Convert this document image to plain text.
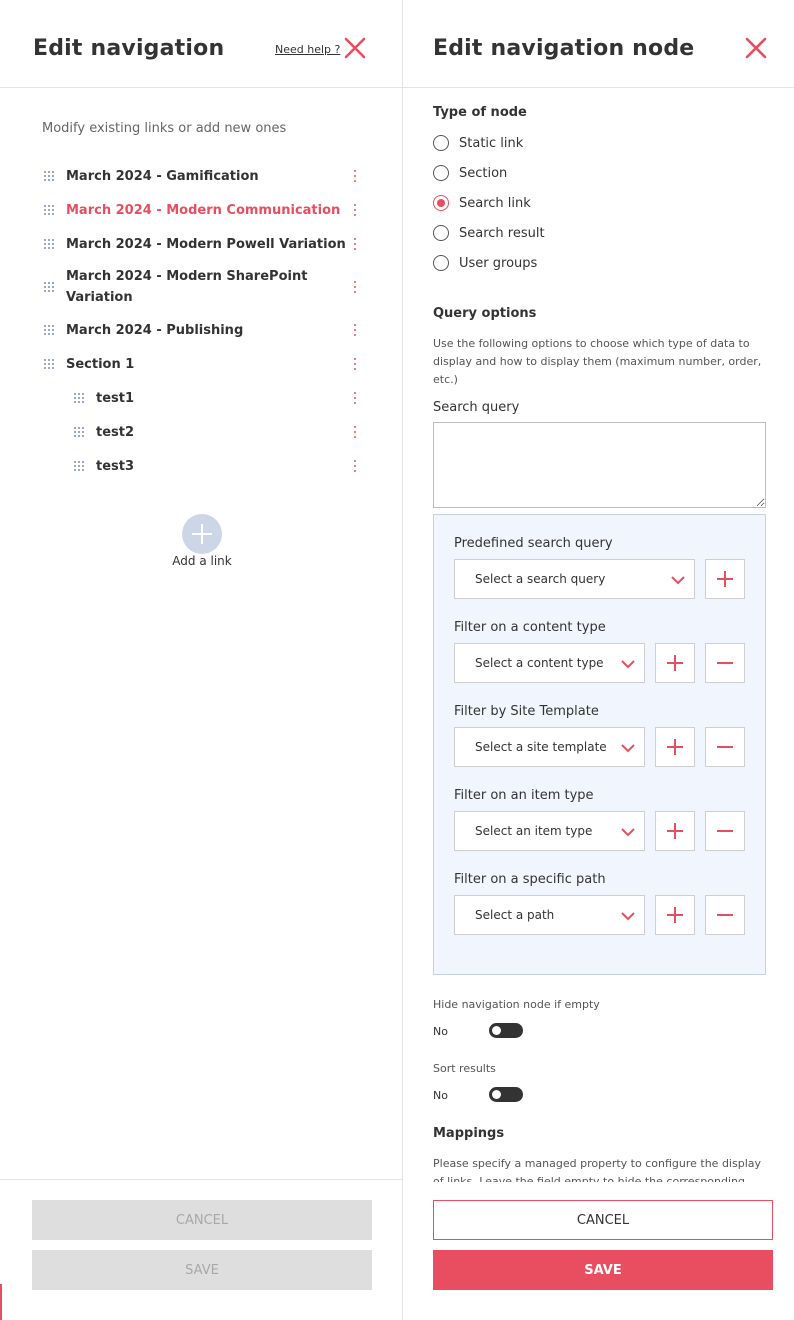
Edit navigation	Need help ?
Modify existing links or add new ones
March 2024 - Gamification
March 2024 - Modern Communication
March 2024 - Modern Powell Variation
March 2024 - Modern SharePoint Variation
March 2024 - Publishing
Section 1
test1
test2
test3
Add a link
CANCEL
SAVE
Edit navigation node
Type of node
Static link
Section
Search link
Search result
User groups
Query options
Use the following options to choose which type of data to display and how to display them (maximum number, order, etc.)
Search query
Predefined search query
Select a search query
Filter on a content type
Select a content type
Filter by Site Template
Select a site template
Filter on an item type
Select an item type
Filter on a specific path
Select a path
Hide navigation node if empty
No
Sort results
No
Mappings
Please specify a managed property to configure the display
CANCEL
SAVE
